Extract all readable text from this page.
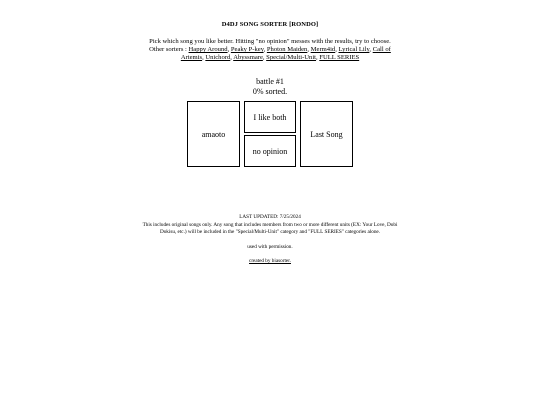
D4DJ SONG SORTER [RONDO]
Pick which song you like better. Hitting "no opinion" messes with the results, try to choose.
Other sorters : Happy Around, Peaky P-key, Photon Maiden, Merm4id, Lyrical Lily, Call of Artemis, Unichord, Abyssmare, Special/Multi-Unit, FULL SERIES
battle #1
0% sorted.
amaoto
I like both
no opinion
Last Song

LAST UPDATED: 7/25/2024

This includes original songs only. Any song that includes members from two or more different units (EX: Your Love, Dobi Dokisu, etc.) will be included in the "Special/Multi-Unit" category and "FULL SERIES" categories alone.

used with permission.

created by biasorter.
